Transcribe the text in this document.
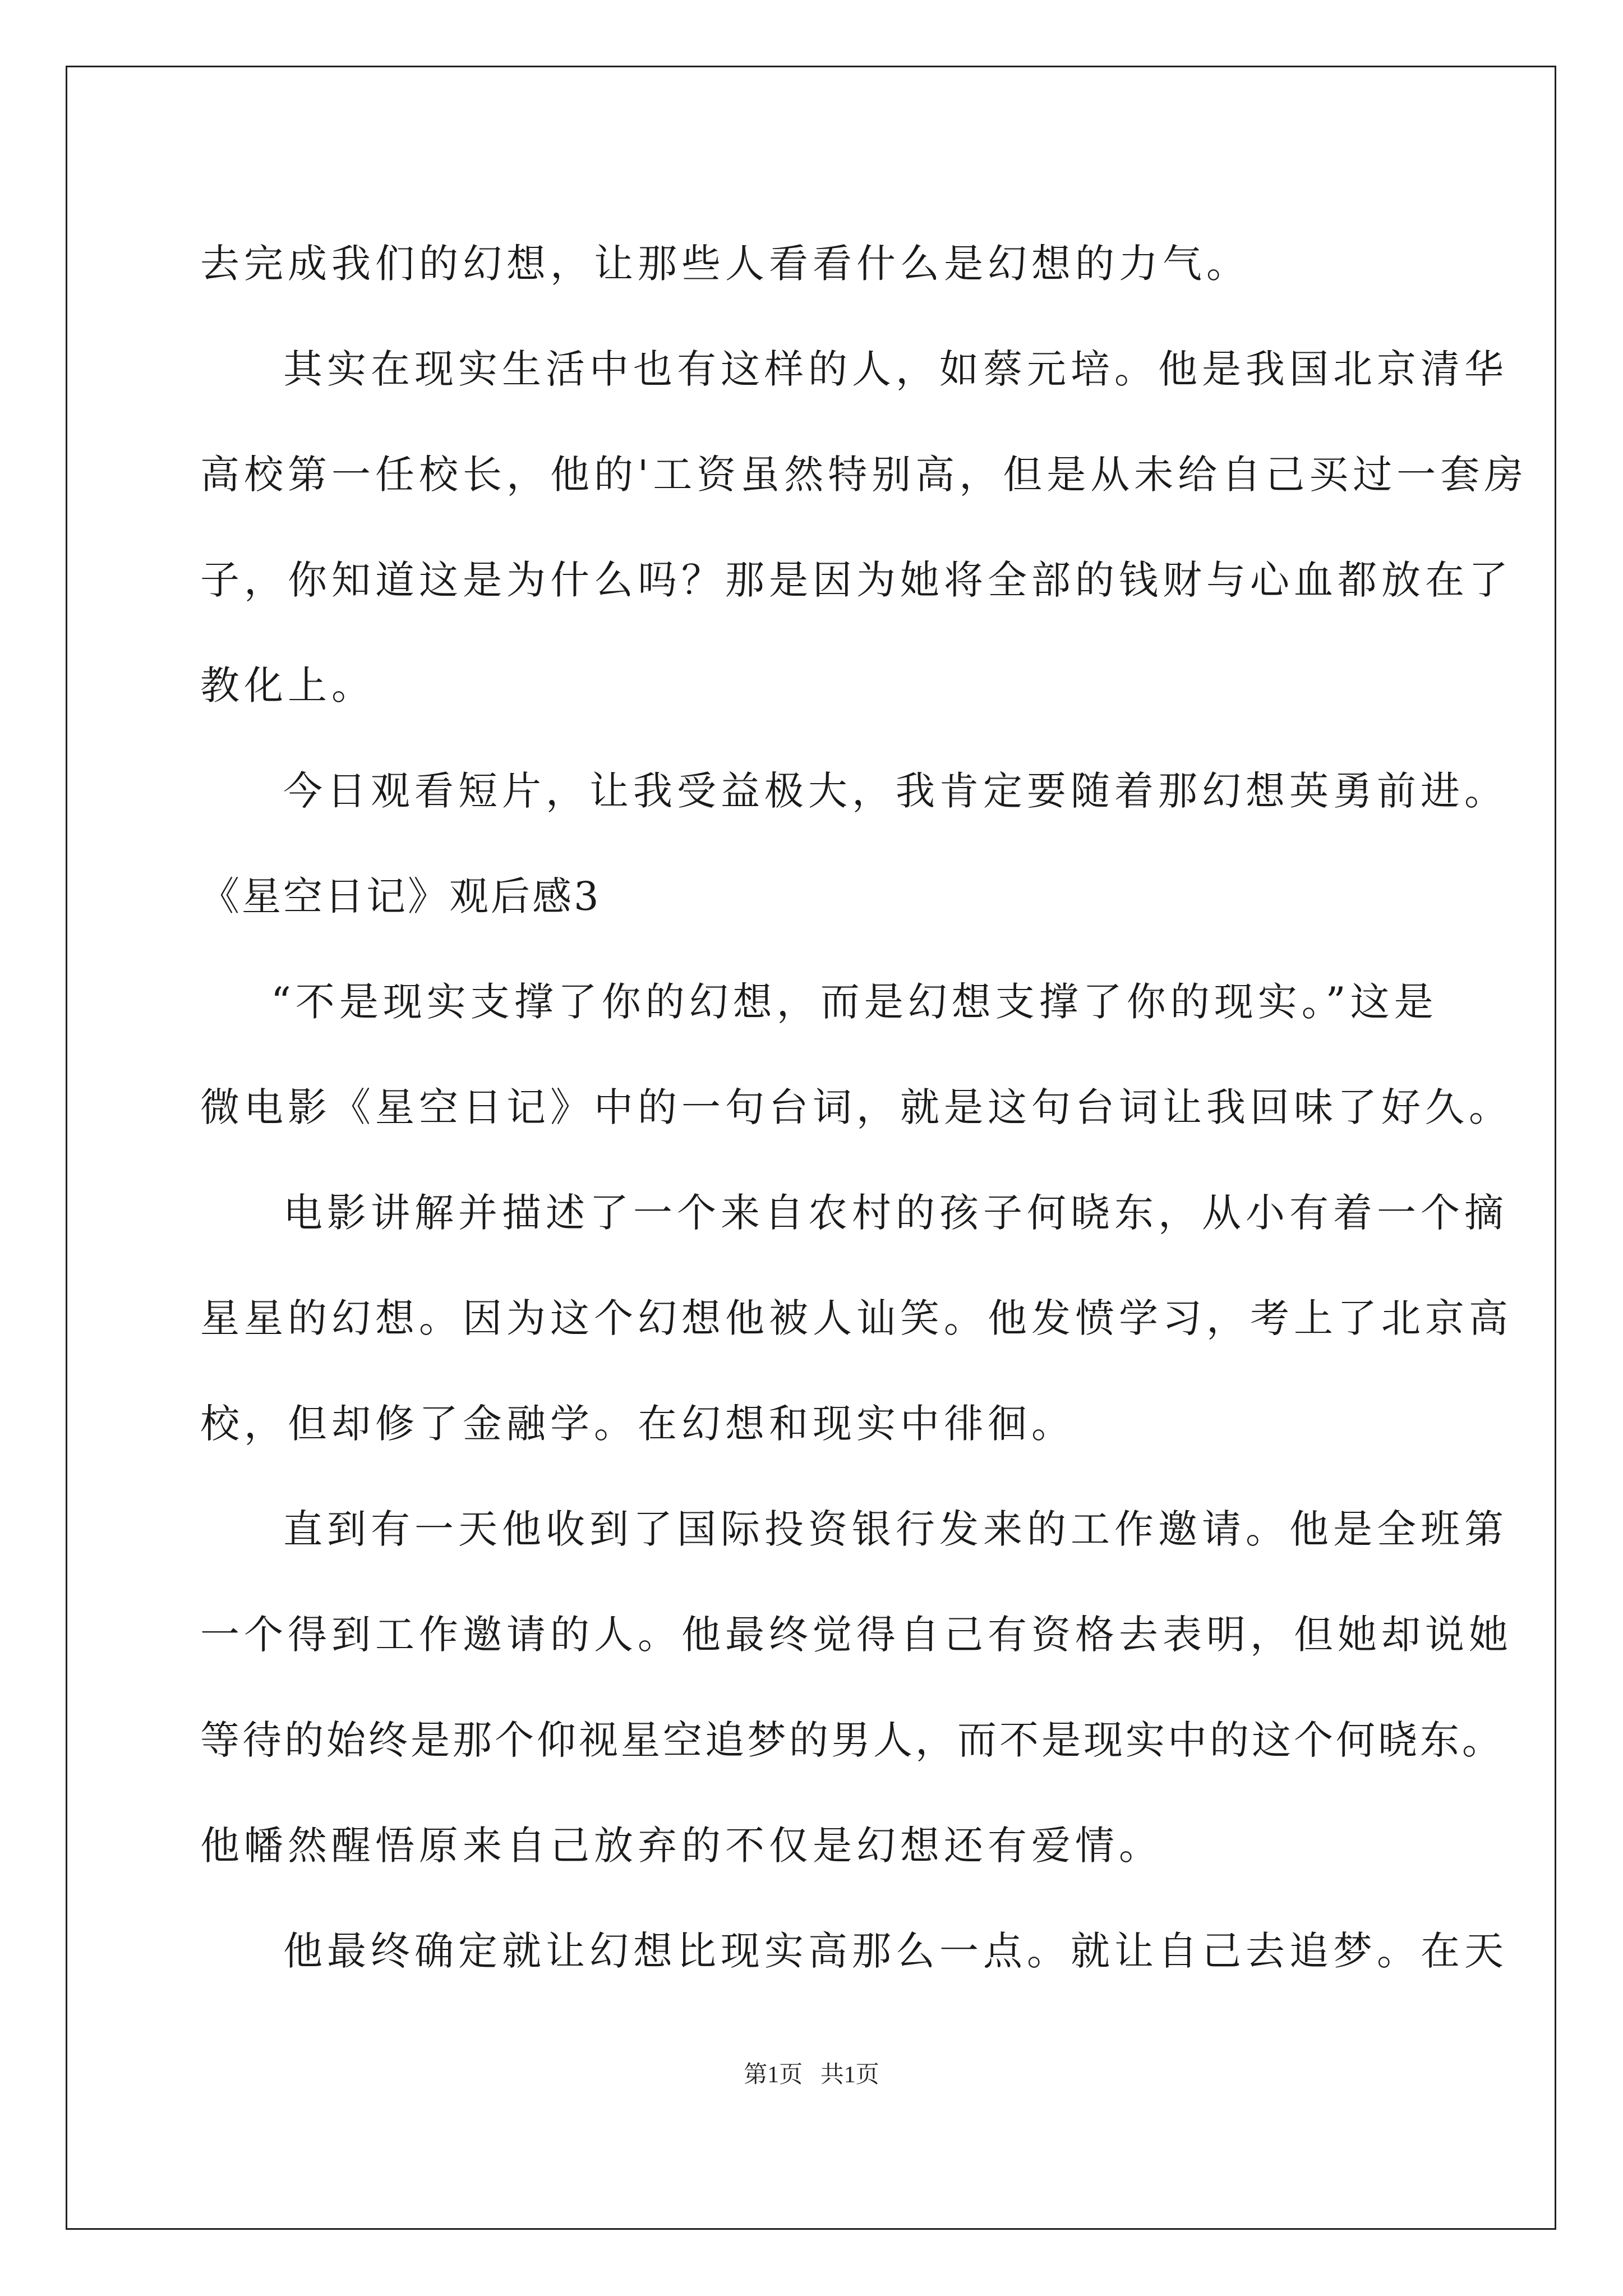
去完成我们的幻想，让那些人看看什么是幻想的力气。
其实在现实生活中也有这样的人，如蔡元培。他是我国北京清华
高校第一任校长，他的'工资虽然特别高，但是从未给自己买过一套房
子，你知道这是为什么吗？那是因为她将全部的钱财与心血都放在了
教化上。
今日观看短片，让我受益极大，我肯定要随着那幻想英勇前进。
《星空日记》观后感3
“不是现实支撑了你的幻想，而是幻想支撑了你的现实。”这是
微电影《星空日记》中的一句台词，就是这句台词让我回味了好久。
电影讲解并描述了一个来自农村的孩子何晓东，从小有着一个摘
星星的幻想。因为这个幻想他被人讪笑。他发愤学习，考上了北京高
校，但却修了金融学。在幻想和现实中徘徊。
直到有一天他收到了国际投资银行发来的工作邀请。他是全班第
一个得到工作邀请的人。他最终觉得自己有资格去表明，但她却说她
等待的始终是那个仰视星空追梦的男人，而不是现实中的这个何晓东。
他幡然醒悟原来自己放弃的不仅是幻想还有爱情。
他最终确定就让幻想比现实高那么一点。就让自己去追梦。在天
第1页   共1页
